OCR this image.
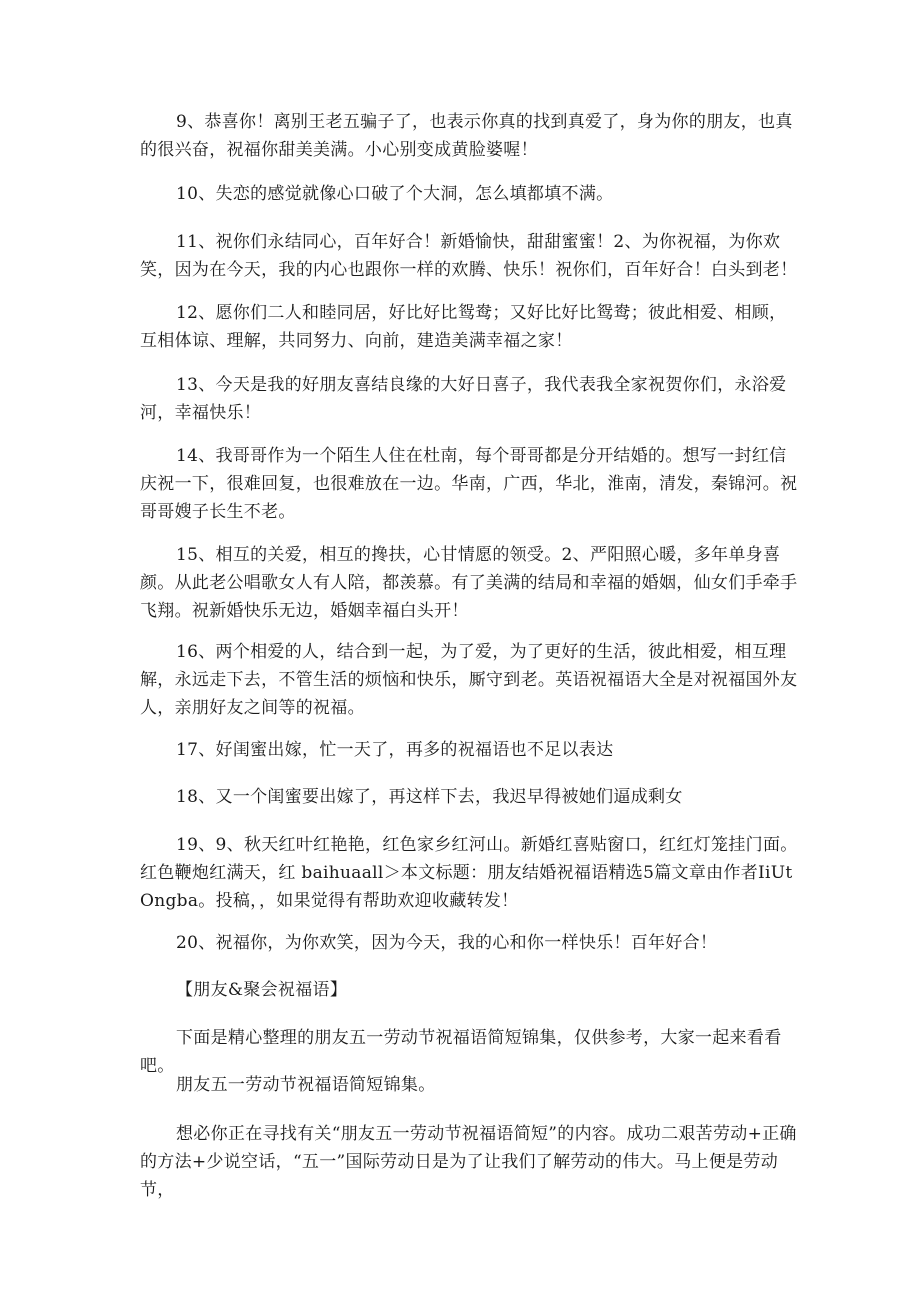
9、恭喜你！离别王老五骗子了，也表示你真的找到真爱了，身为你的朋友，也真的很兴奋，祝福你甜美美满。小心别变成黄脸婆喔！

10、失恋的感觉就像心口破了个大洞，怎么填都填不满。

11、祝你们永结同心，百年好合！新婚愉快，甜甜蜜蜜！2、为你祝福，为你欢笑，因为在今天，我的内心也跟你一样的欢腾、快乐！祝你们，百年好合！白头到老！

12、愿你们二人和睦同居，好比好比鸳鸯；又好比好比鸳鸯；彼此相爱、相顾，互相体谅、理解，共同努力、向前，建造美满幸福之家！

13、今天是我的好朋友喜结良缘的大好日喜子，我代表我全家祝贺你们，永浴爱河，幸福快乐！

14、我哥哥作为一个陌生人住在杜南，每个哥哥都是分开结婚的。想写一封红信庆祝一下，很难回复，也很难放在一边。华南，广西，华北，淮南，清发，秦锦河。祝哥哥嫂子长生不老。

15、相互的关爱，相互的搀扶，心甘情愿的领受。2、严阳照心暖，多年单身喜颜。从此老公唱歌女人有人陪，都羡慕。有了美满的结局和幸福的婚姻，仙女们手牵手飞翔。祝新婚快乐无边，婚姻幸福白头开！

16、两个相爱的人，结合到一起，为了爱，为了更好的生活，彼此相爱，相互理解，永远走下去，不管生活的烦恼和快乐，厮守到老。英语祝福语大全是对祝福国外友人，亲朋好友之间等的祝福。

17、好闺蜜出嫁，忙一天了，再多的祝福语也不足以表达

18、又一个闺蜜要出嫁了，再这样下去，我迟早得被她们逼成剩女

19、9、秋天红叶红艳艳，红色家乡红河山。新婚红喜贴窗口，红红灯笼挂门面。红色鞭炮红满天，红 baihuaall＞本文标题：朋友结婚祝福语精选5篇文章由作者IiUtOngba。投稿，，如果觉得有帮助欢迎收藏转发！

20、祝福你，为你欢笑，因为今天，我的心和你一样快乐！百年好合！

【朋友&聚会祝福语】

下面是精心整理的朋友五一劳动节祝福语简短锦集，仅供参考，大家一起来看看吧。

朋友五一劳动节祝福语简短锦集。

想必你正在寻找有关“朋友五一劳动节祝福语简短”的内容。成功二艰苦劳动+正确的方法+少说空话，“五一”国际劳动日是为了让我们了解劳动的伟大。马上便是劳动节，
